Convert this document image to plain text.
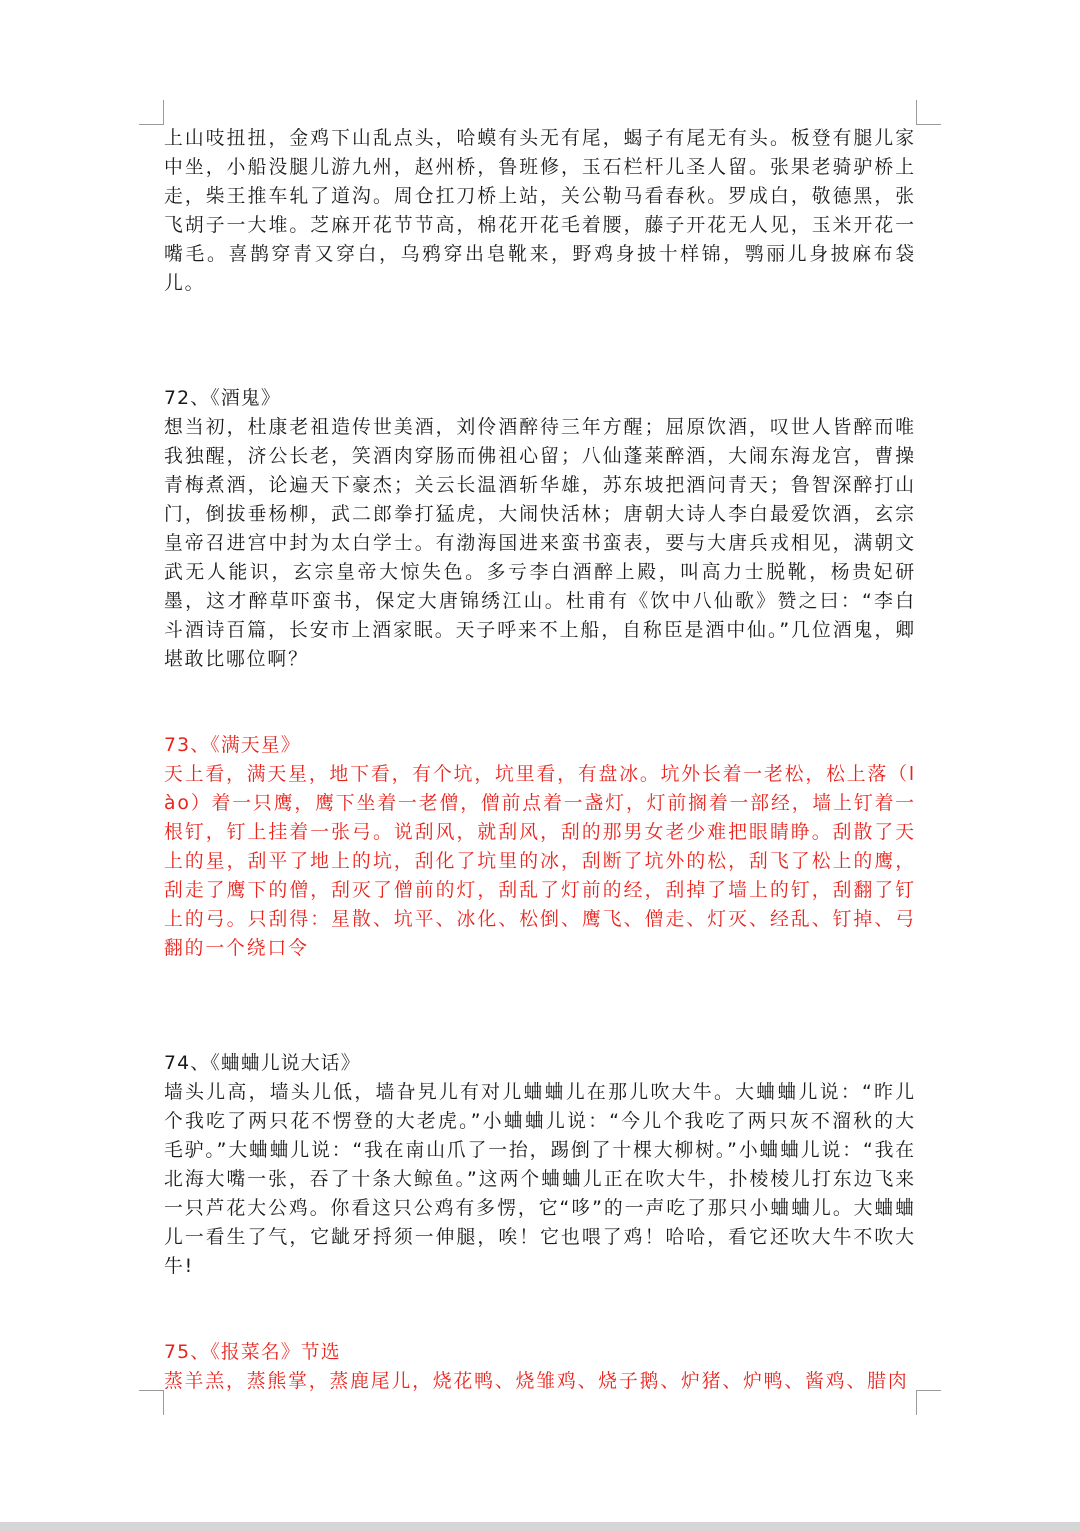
上山吱扭扭，金鸡下山乱点头，哈蟆有头无有尾，蝎子有尾无有头。板登有腿儿家中坐，小船没腿儿游九州，赵州桥，鲁班修，玉石栏杆儿圣人留。张果老骑驴桥上走，柴王推车轧了道沟。周仓扛刀桥上站，关公勒马看春秋。罗成白，敬德黑，张飞胡子一大堆。芝麻开花节节高，棉花开花毛着腰，藤子开花无人见，玉米开花一嘴毛。喜鹊穿青又穿白，乌鸦穿出皂靴来，野鸡身披十样锦，鹗丽儿身披麻布袋儿。

72、《酒鬼》

想当初，杜康老祖造传世美酒，刘伶酒醉待三年方醒；屈原饮酒，叹世人皆醉而唯我独醒，济公长老，笑酒肉穿肠而佛祖心留；八仙蓬莱醉酒，大闹东海龙宫，曹操青梅煮酒，论遍天下豪杰；关云长温酒斩华雄，苏东坡把酒问青天；鲁智深醉打山门，倒拔垂杨柳，武二郎拳打猛虎，大闹快活林；唐朝大诗人李白最爱饮酒，玄宗皇帝召进宫中封为太白学士。有渤海国进来蛮书蛮表，要与大唐兵戎相见，满朝文武无人能识，玄宗皇帝大惊失色。多亏李白酒醉上殿，叫高力士脱靴，杨贵妃研墨，这才醉草吓蛮书，保定大唐锦绣江山。杜甫有《饮中八仙歌》赞之曰：“李白斗酒诗百篇，长安市上酒家眠。天子呼来不上船，自称臣是酒中仙。”几位酒鬼，卿堪敢比哪位啊？

73、《满天星》

天上看，满天星，地下看，有个坑，坑里看，有盘冰。坑外长着一老松，松上落（lào）着一只鹰，鹰下坐着一老僧，僧前点着一盏灯，灯前搁着一部经，墙上钉着一根钉，钉上挂着一张弓。说刮风，就刮风，刮的那男女老少难把眼睛睁。刮散了天上的星，刮平了地上的坑，刮化了坑里的冰，刮断了坑外的松，刮飞了松上的鹰，刮走了鹰下的僧，刮灭了僧前的灯，刮乱了灯前的经，刮掉了墙上的钉，刮翻了钉上的弓。只刮得：星散、坑平、冰化、松倒、鹰飞、僧走、灯灭、经乱、钉掉、弓翻的一个绕口令

74、《蛐蛐儿说大话》

墙头儿高，墙头儿低，墙旮旯儿有对儿蛐蛐儿在那儿吹大牛。大蛐蛐儿说：“昨儿个我吃了两只花不愣登的大老虎。”小蛐蛐儿说：“今儿个我吃了两只灰不溜秋的大毛驴。”大蛐蛐儿说：“我在南山爪了一抬，踢倒了十棵大柳树。”小蛐蛐儿说：“我在北海大嘴一张，吞了十条大鲸鱼。”这两个蛐蛐儿正在吹大牛，扑棱棱儿打东边飞来一只芦花大公鸡。你看这只公鸡有多愣，它“哆”的一声吃了那只小蛐蛐儿。大蛐蛐儿一看生了气，它龇牙捋须一伸腿，唉！它也喂了鸡！哈哈，看它还吹大牛不吹大牛!

75、《报菜名》节选

蒸羊羔，蒸熊掌，蒸鹿尾儿，烧花鸭、烧雏鸡、烧子鹅、炉猪、炉鸭、酱鸡、腊肉
